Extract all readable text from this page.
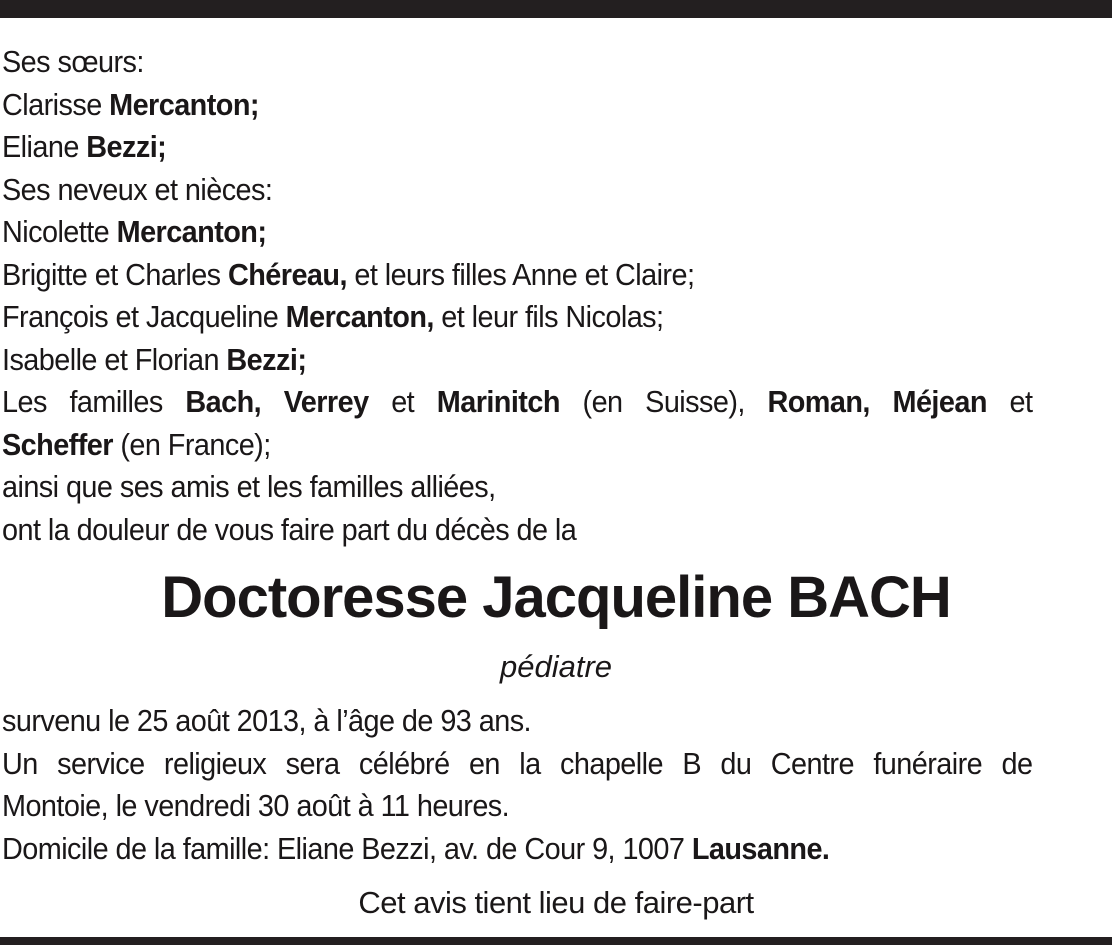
Ses sœurs:
Clarisse Mercanton;
Eliane Bezzi;
Ses neveux et nièces:
Nicolette Mercanton;
Brigitte et Charles Chéreau, et leurs filles Anne et Claire;
François et Jacqueline Mercanton, et leur fils Nicolas;
Isabelle et Florian Bezzi;
Les familles Bach, Verrey et Marinitch (en Suisse), Roman, Méjean et
Scheffer (en France);
ainsi que ses amis et les familles alliées,
ont la douleur de vous faire part du décès de la
Doctoresse Jacqueline BACH
pédiatre
survenu le 25 août 2013, à l’âge de 93 ans.
Un service religieux sera célébré en la chapelle B du Centre funéraire de
Montoie, le vendredi 30 août à 11 heures.
Domicile de la famille: Eliane Bezzi, av. de Cour 9, 1007 Lausanne.
Cet avis tient lieu de faire-part
